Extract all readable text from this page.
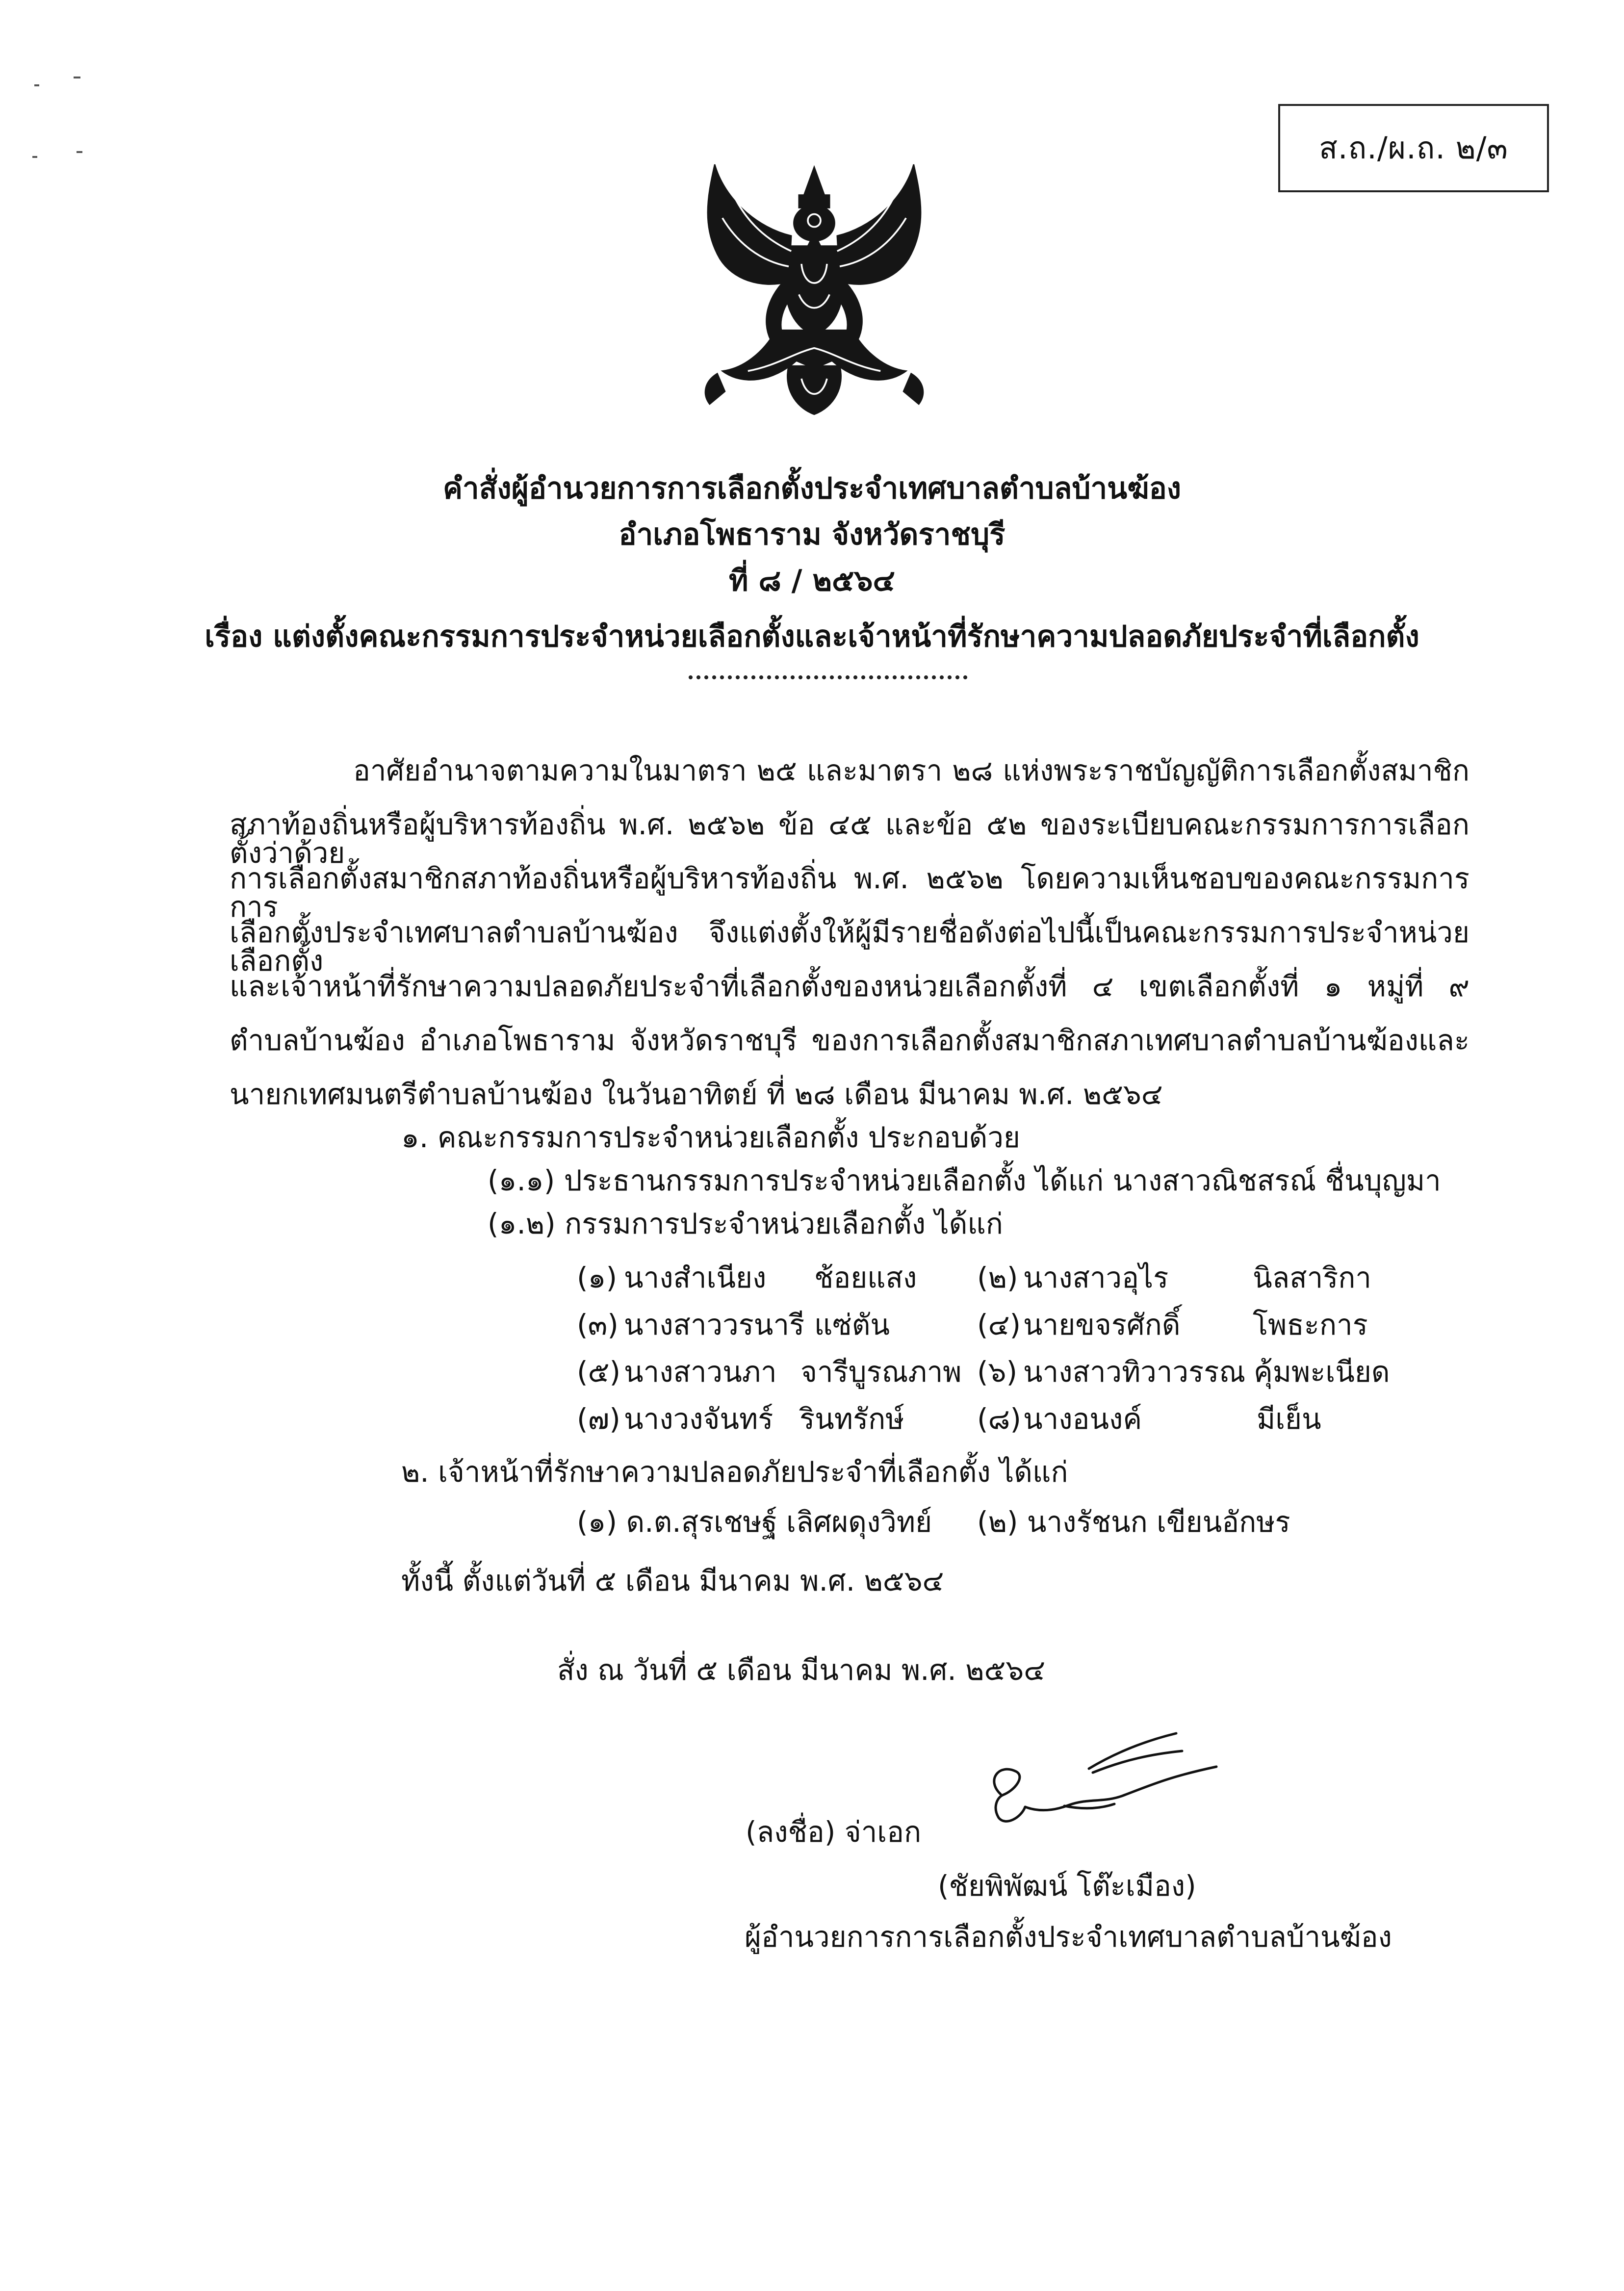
ส.ถ./ผ.ถ. ๒/๓
คำสั่งผู้อำนวยการการเลือกตั้งประจำเทศบาลตำบลบ้านฆ้อง
อำเภอโพธาราม จังหวัดราชบุรี
ที่ ๘ / ๒๕๖๔
เรื่อง แต่งตั้งคณะกรรมการประจำหน่วยเลือกตั้งและเจ้าหน้าที่รักษาความปลอดภัยประจำที่เลือกตั้ง
อาศัยอำนาจตามความในมาตรา ๒๕ และมาตรา ๒๘ แห่งพระราชบัญญัติการเลือกตั้งสมาชิก
สภาท้องถิ่นหรือผู้บริหารท้องถิ่น พ.ศ. ๒๕๖๒ ข้อ ๔๕ และข้อ ๕๒ ของระเบียบคณะกรรมการการเลือกตั้งว่าด้วย
การเลือกตั้งสมาชิกสภาท้องถิ่นหรือผู้บริหารท้องถิ่น พ.ศ. ๒๕๖๒ โดยความเห็นชอบของคณะกรรมการการ
เลือกตั้งประจำเทศบาลตำบลบ้านฆ้อง จึงแต่งตั้งให้ผู้มีรายชื่อดังต่อไปนี้เป็นคณะกรรมการประจำหน่วยเลือกตั้ง
และเจ้าหน้าที่รักษาความปลอดภัยประจำที่เลือกตั้งของหน่วยเลือกตั้งที่ ๔ เขตเลือกตั้งที่ ๑ หมู่ที่ ๙
ตำบลบ้านฆ้อง อำเภอโพธาราม จังหวัดราชบุรี ของการเลือกตั้งสมาชิกสภาเทศบาลตำบลบ้านฆ้องและ
นายกเทศมนตรีตำบลบ้านฆ้อง ในวันอาทิตย์ ที่ ๒๘ เดือน มีนาคม พ.ศ. ๒๕๖๔
๑. คณะกรรมการประจำหน่วยเลือกตั้ง ประกอบด้วย
(๑.๑) ประธานกรรมการประจำหน่วยเลือกตั้ง ได้แก่ นางสาวณิชสรณ์ ชื่นบุญมา
(๑.๒) กรรมการประจำหน่วยเลือกตั้ง ได้แก่
(๑) นางสำเนียง ช้อยแสง (๒) นางสาวอุไร	นิลสาริกา
(๓) นางสาววรนารี แซ่ตัน	(๔) นายขจรศักดิ์	โพธะการ
(๕) นางสาวนภา จารีบูรณภาพ (๖) นางสาวทิวาวรรณ คุ้มพะเนียด
(๗) นางวงจันทร์ รินทรักษ์	(๘) นางอนงค์	มีเย็น
๒. เจ้าหน้าที่รักษาความปลอดภัยประจำที่เลือกตั้ง ได้แก่
(๑) ด.ต.สุรเชษฐ์ เลิศผดุงวิทย์ (๒) นางรัชนก เขียนอักษร
ทั้งนี้ ตั้งแต่วันที่ ๕ เดือน มีนาคม พ.ศ. ๒๕๖๔
สั่ง ณ วันที่ ๕ เดือน มีนาคม พ.ศ. ๒๕๖๔
(ลงชื่อ) จ่าเอก
(ชัยพิพัฒน์ โต๊ะเมือง)
ผู้อำนวยการการเลือกตั้งประจำเทศบาลตำบลบ้านฆ้อง
